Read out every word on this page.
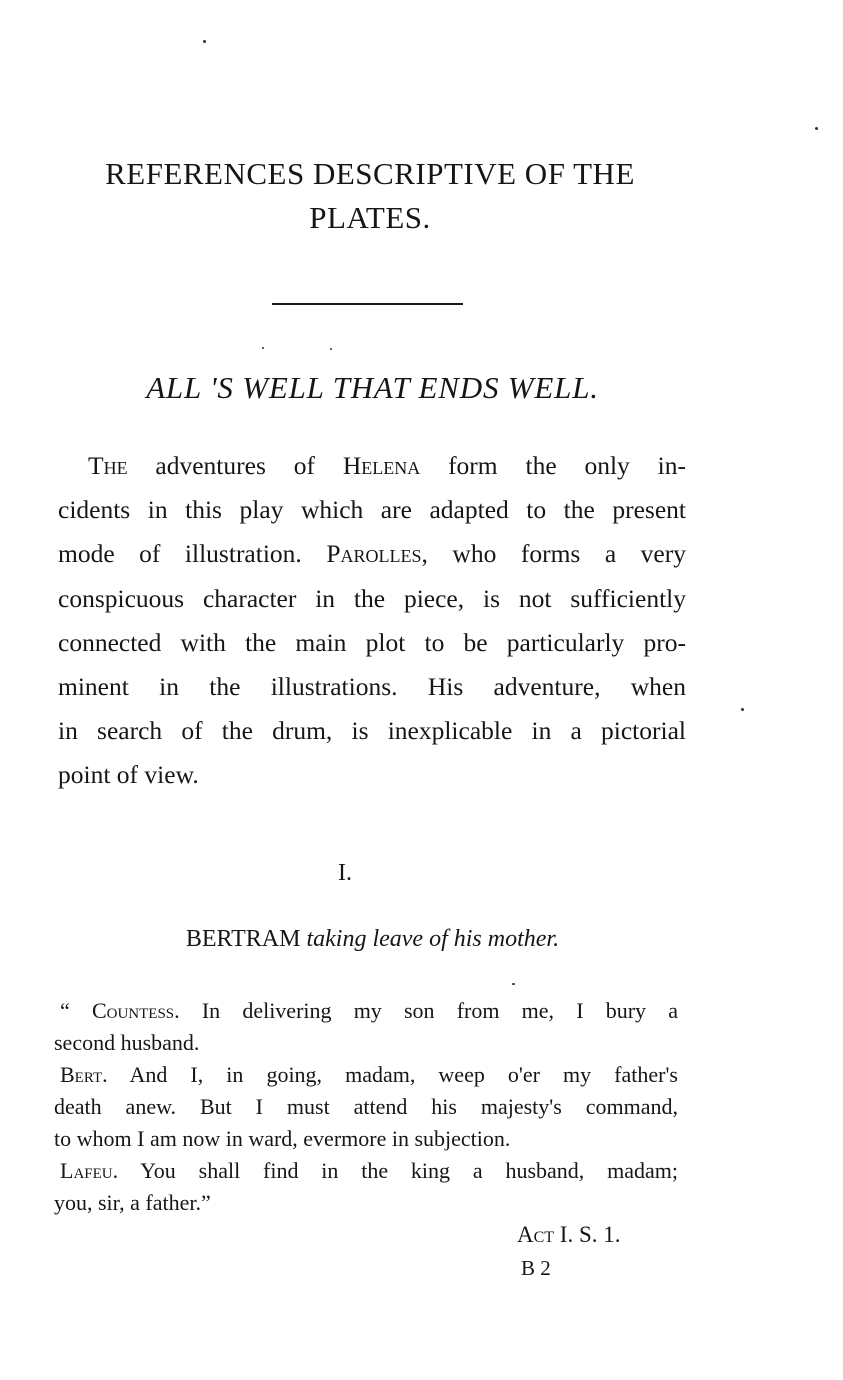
REFERENCES DESCRIPTIVE OF THE
PLATES.
ALL 'S WELL THAT ENDS WELL.
The adventures of Helena form the only in-
cidents in this play which are adapted to the present
mode of illustration. Parolles, who forms a very
conspicuous character in the piece, is not sufficiently
connected with the main plot to be particularly pro-
minent in the illustrations. His adventure, when
in search of the drum, is inexplicable in a pictorial
point of view.
I.
BERTRAM taking leave of his mother.
“ Countess. In delivering my son from me, I bury a
second husband.
Bert. And I, in going, madam, weep o'er my father's
death anew. But I must attend his majesty's command,
to whom I am now in ward, evermore in subjection.
Lafeu. You shall find in the king a husband, madam;
you, sir, a father.”
Act I. S. 1.
B 2
